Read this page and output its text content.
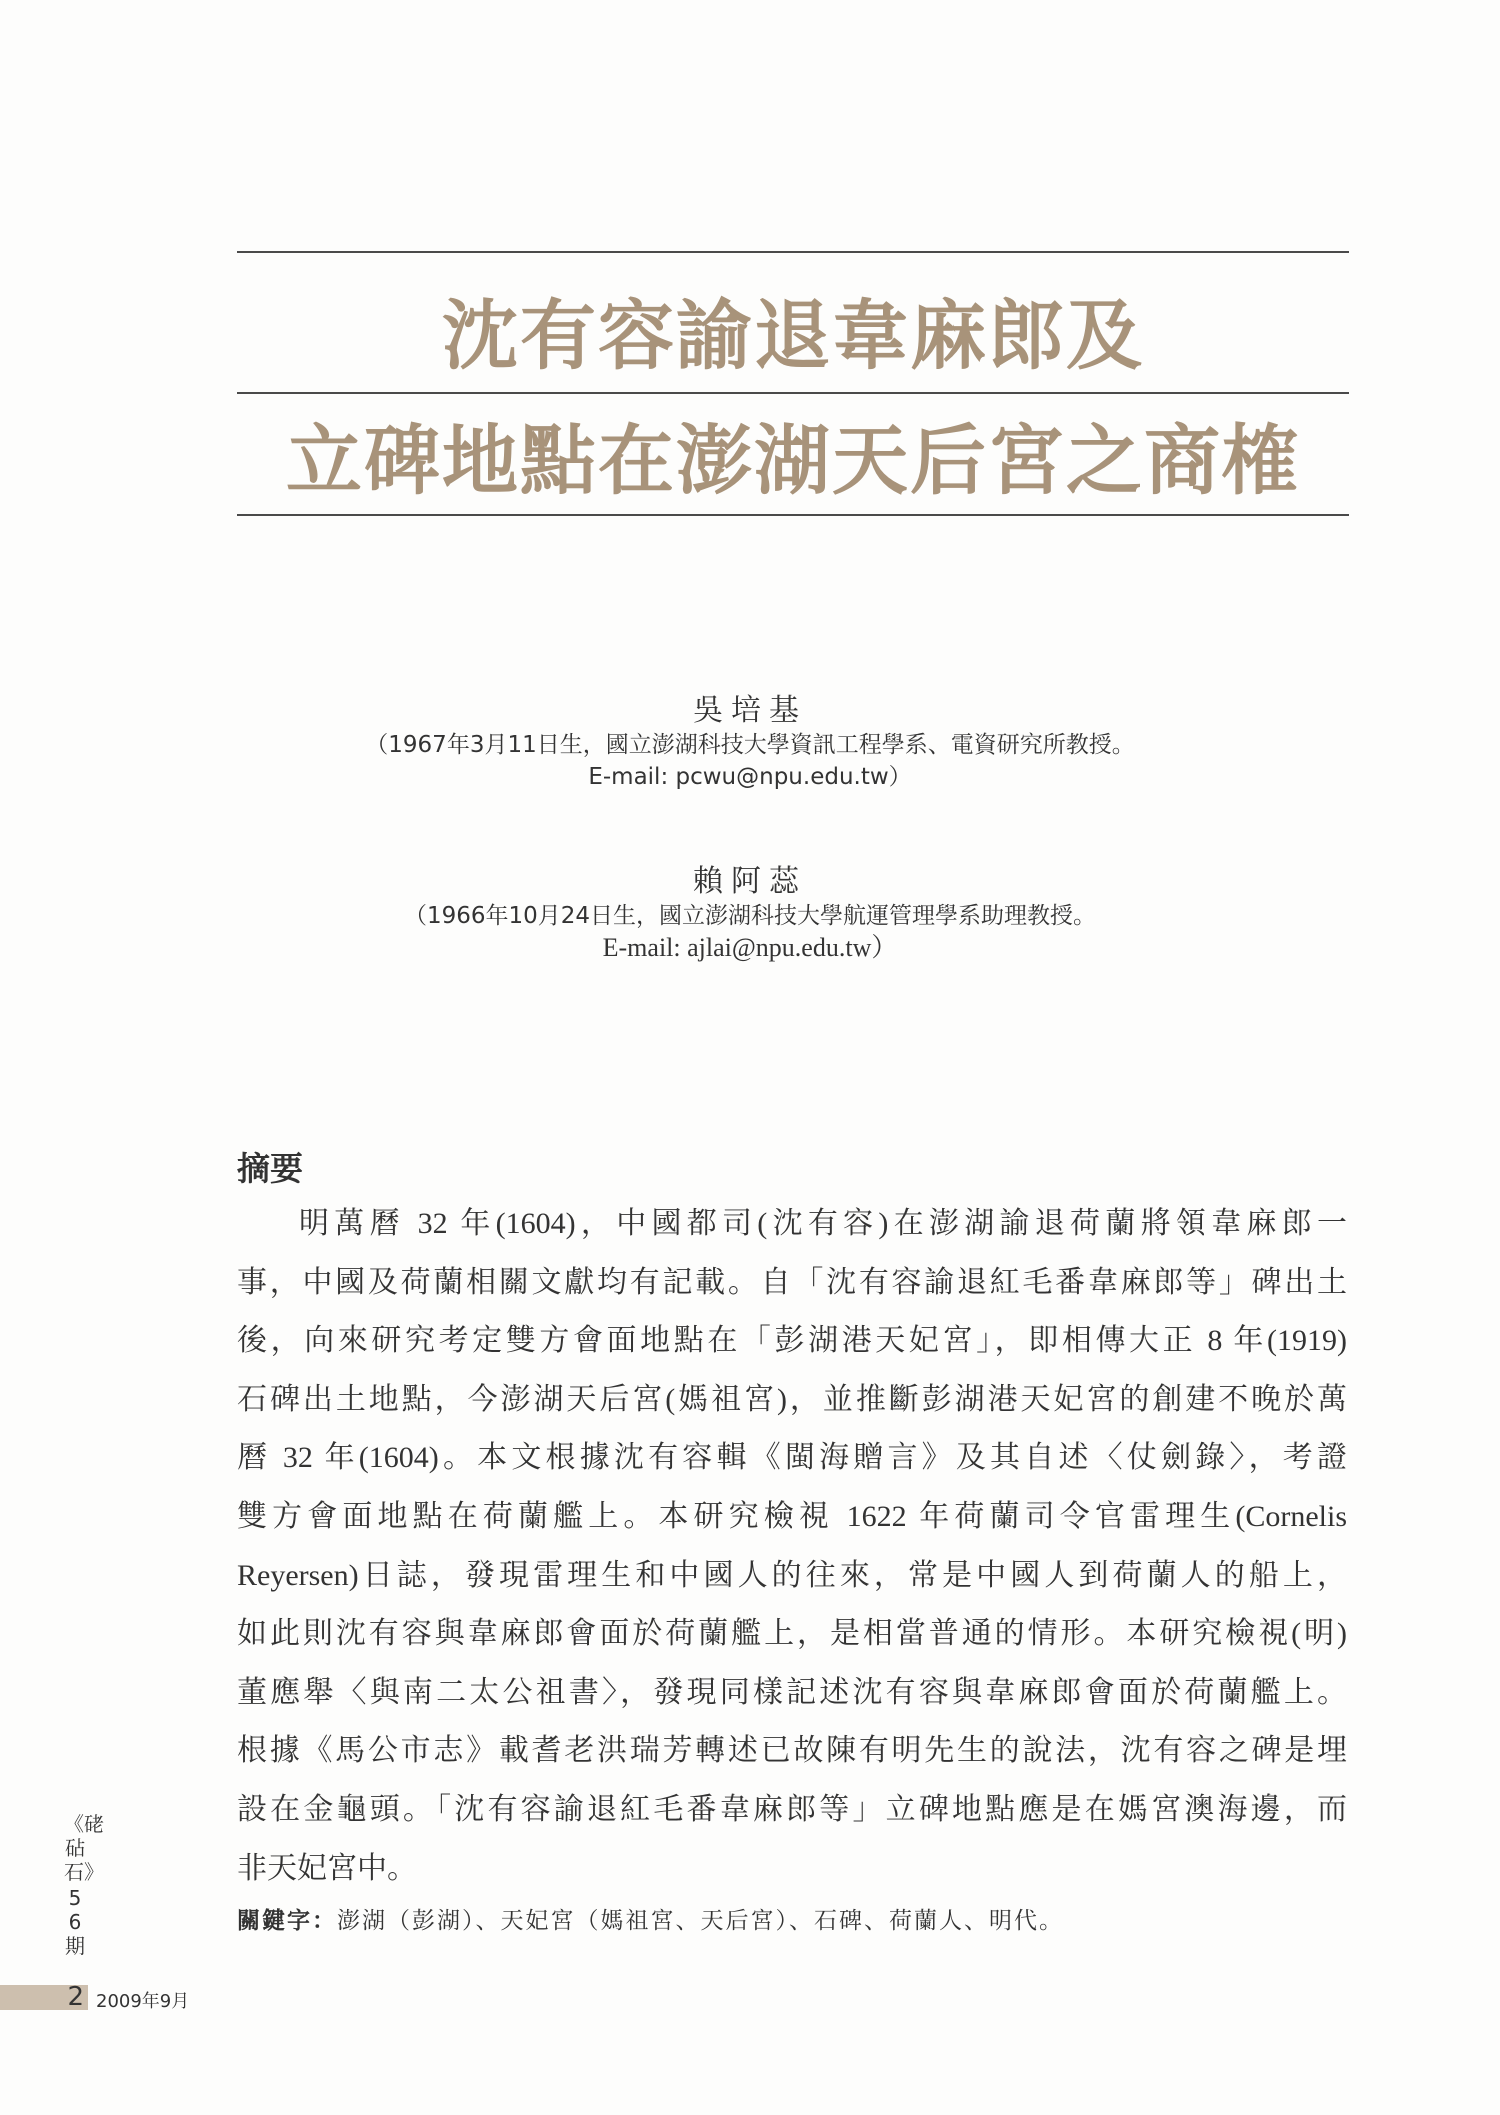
沈有容諭退韋麻郎及
立碑地點在澎湖天后宮之商榷
吳培基
（1967年3月11日生，國立澎湖科技大學資訊工程學系、電資研究所教授。
E-mail: pcwu@npu.edu.tw）
賴阿蕊
（1966年10月24日生，國立澎湖科技大學航運管理學系助理教授。
E-mail: ajlai@npu.edu.tw）
摘要
明萬曆 32 年(1604)，中國都司(沈有容)在澎湖諭退荷蘭將領韋麻郎一
事，中國及荷蘭相關文獻均有記載。自「沈有容諭退紅毛番韋麻郎等」碑出土
後，向來研究考定雙方會面地點在「彭湖港天妃宮」，即相傳大正 8 年(1919)
石碑出土地點，今澎湖天后宮(媽祖宮)，並推斷彭湖港天妃宮的創建不晚於萬
曆 32 年(1604)。本文根據沈有容輯《閩海贈言》及其自述〈仗劍錄〉，考證
雙方會面地點在荷蘭艦上。本研究檢視 1622 年荷蘭司令官雷理生(Cornelis
Reyersen)日誌，發現雷理生和中國人的往來，常是中國人到荷蘭人的船上，
如此則沈有容與韋麻郎會面於荷蘭艦上，是相當普通的情形。本研究檢視(明)
董應舉〈與南二太公祖書〉，發現同樣記述沈有容與韋麻郎會面於荷蘭艦上。
根據《馬公市志》載耆老洪瑞芳轉述已故陳有明先生的說法，沈有容之碑是埋
設在金龜頭。「沈有容諭退紅毛番韋麻郎等」立碑地點應是在媽宮澳海邊，而
非天妃宮中。
關鍵字：澎湖（彭湖）、天妃宮（媽祖宮、天后宮）、石碑、荷蘭人、明代。
《硓砧石》
56期
2 2009年9月
